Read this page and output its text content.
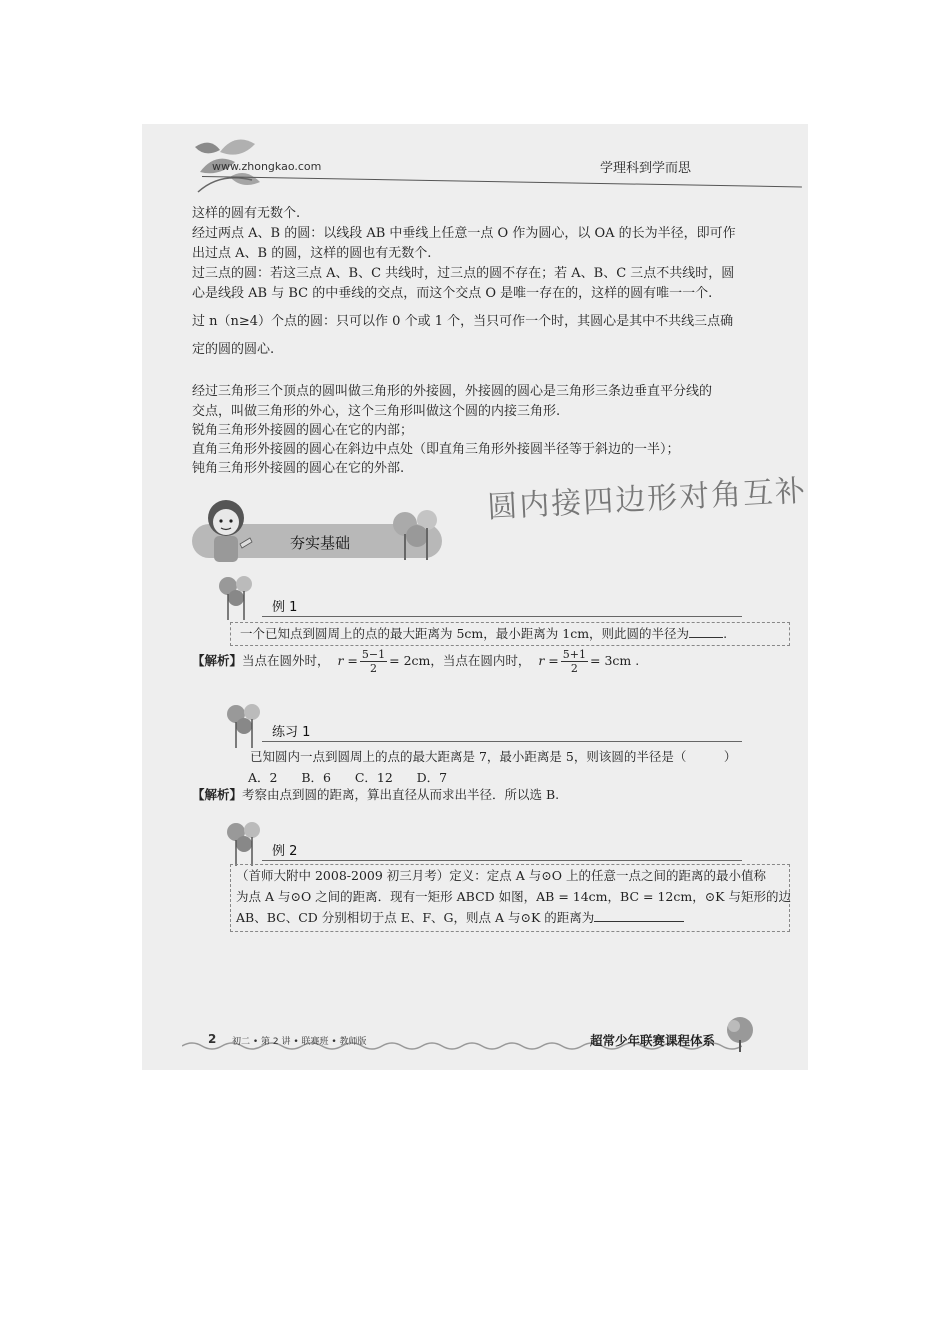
www.zhongkao.com	学理科到学而思
这样的圆有无数个.
经过两点 A、B 的圆：以线段 AB 中垂线上任意一点 O 作为圆心，以 OA 的长为半径，即可作
出过点 A、B 的圆，这样的圆也有无数个.
过三点的圆：若这三点 A、B、C 共线时，过三点的圆不存在；若 A、B、C 三点不共线时，圆
心是线段 AB 与 BC 的中垂线的交点，而这个交点 O 是唯一存在的，这样的圆有唯一一个.
过 n（n≥4）个点的圆：只可以作 0 个或 1 个，当只可作一个时，其圆心是其中不共线三点确
定的圆的圆心.
经过三角形三个顶点的圆叫做三角形的外接圆，外接圆的圆心是三角形三条边垂直平分线的
交点，叫做三角形的外心，这个三角形叫做这个圆的内接三角形.
锐角三角形外接圆的圆心在它的内部；
直角三角形外接圆的圆心在斜边中点处（即直角三角形外接圆半径等于斜边的一半）；
钝角三角形外接圆的圆心在它的外部.
圆内接四边形对角互补
夯实基础
例 1
一个已知点到圆周上的点的最大距离为 5cm，最小距离为 1cm，则此圆的半径为	.
【解析】当点在圆外时， $r = \frac{5-1}{2} = 2cm$，当点在圆内时， $r = \frac{5+1}{2} = 3cm$ .
练习 1
已知圆内一点到圆周上的点的最大距离是 7，最小距离是 5，则该圆的半径是（　　　）
A．2 B．6 C．12 D．7
【解析】考察由点到圆的距离，算出直径从而求出半径．所以选 B.
例 2
（首师大附中 2008-2009 初三月考）定义：定点 A 与⊙O 上的任意一点之间的距离的最小值称
为点 A 与⊙O 之间的距离．现有一矩形 ABCD 如图，AB = 14cm，BC = 12cm，⊙K 与矩形的边
AB、BC、CD 分别相切于点 E、F、G，则点 A 与⊙K 的距离为
2 初二 • 第 2 讲 • 联赛班 • 教师版	超常少年联赛课程体系
